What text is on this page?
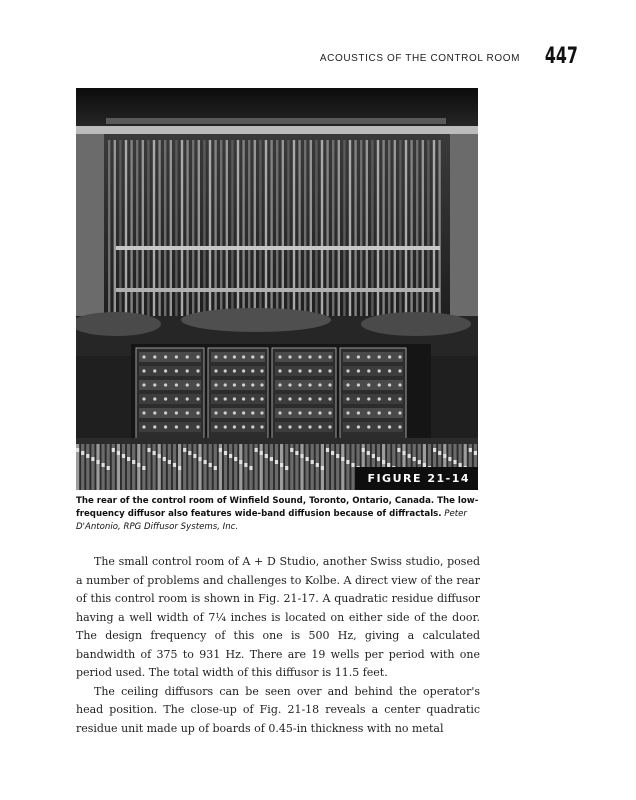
ACOUSTICS OF THE CONTROL ROOM 447
FIGURE 21-14
The rear of the control room of Winfield Sound, Toronto, Ontario, Canada. The low-frequency diffusor also features wide-band diffusion because of diffractals. Peter D'Antonio, RPG Diffusor Systems, Inc.

The small control room of A + D Studio, another Swiss studio, posed a number of problems and challenges to Kolbe. A direct view of the rear of this control room is shown in Fig. 21-17. A quadratic residue diffusor having a well width of 7¼ inches is located on either side of the door. The design frequency of this one is 500 Hz, giving a calculated bandwidth of 375 to 931 Hz. There are 19 wells per period with one period used. The total width of this diffusor is 11.5 feet.

The ceiling diffusors can be seen over and behind the operator's head position. The close-up of Fig. 21-18 reveals a center quadratic residue unit made up of boards of 0.45-in thickness with no metal
